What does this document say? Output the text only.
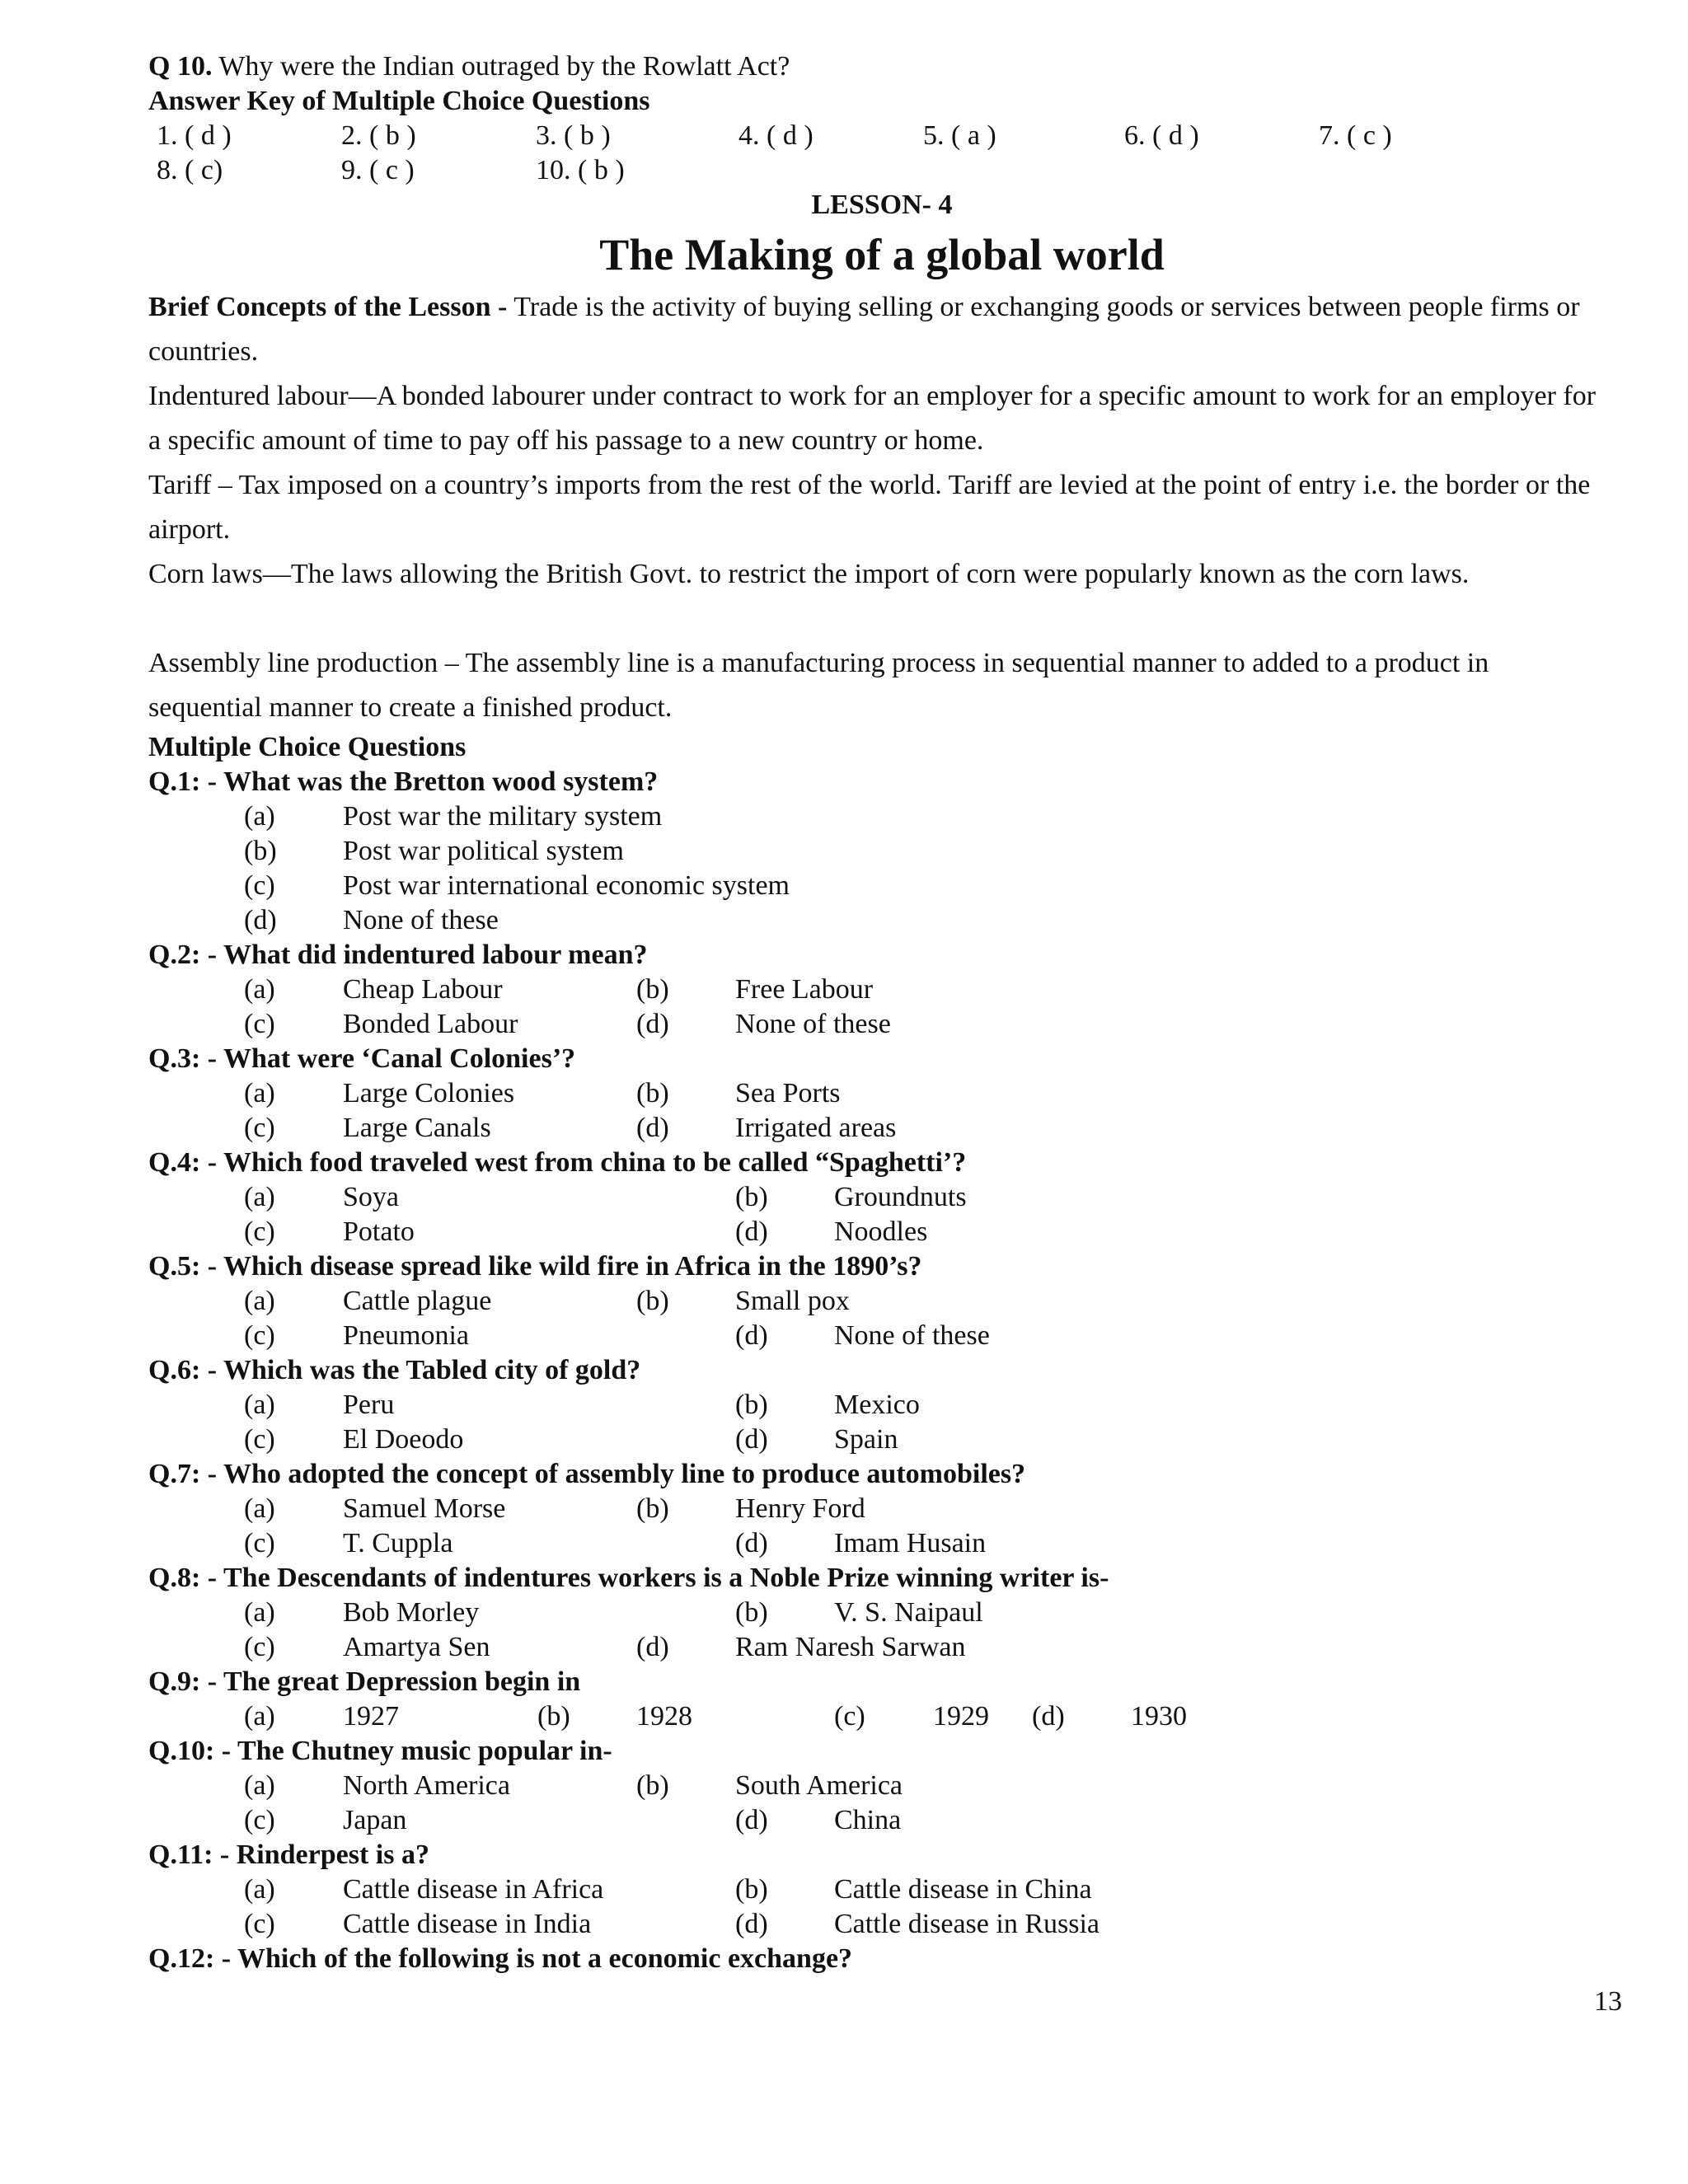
Q 10. Why were the Indian outraged by the Rowlatt Act?
Answer Key of Multiple Choice Questions
1. ( d )	2. ( b )	3. ( b )	4. ( d )	5. ( a )	6. ( d )	7. ( c )
8. ( c)	9. ( c )	10. ( b )
LESSON- 4
The Making of a global world
Brief Concepts of the Lesson - Trade is the activity of buying selling or exchanging goods or services between people firms or countries.
Indentured labour—A bonded labourer under contract to work for an employer for a specific amount to work for an employer for a specific amount of time to pay off his passage to a new country or home.
Tariff – Tax imposed on a country’s imports from the rest of the world. Tariff are levied at the point of entry i.e. the border or the airport.
Corn laws—The laws allowing the British Govt. to restrict the import of corn were popularly known as the corn laws.
Assembly line production – The assembly line is a manufacturing process in sequential manner to added to a product in sequential manner to create a finished product.
Multiple Choice Questions
Q.1: - What was the Bretton wood system?
(a) Post war the military system
(b) Post war political system
(c) Post war international economic system
(d) None of these
Q.2: - What did indentured labour mean?
(a) Cheap Labour	(b) Free Labour
(c) Bonded Labour	(d) None of these
Q.3: - What were ‘Canal Colonies’?
(a) Large Colonies	(b) Sea Ports
(c) Large Canals	(d) Irrigated areas
Q.4: - Which food traveled west from china to be called “Spaghetti’?
(a) Soya	(b) Groundnuts
(c) Potato	(d) Noodles
Q.5: - Which disease spread like wild fire in Africa in the 1890’s?
(a) Cattle plague	(b) Small pox
(c) Pneumonia	(d) None of these
Q.6: - Which was the Tabled city of gold?
(a) Peru	(b) Mexico
(c) El Doeodo	(d) Spain
Q.7: - Who adopted the concept of assembly line to produce automobiles?
(a) Samuel Morse	(b) Henry Ford
(c) T. Cuppla	(d) Imam Husain
Q.8: - The Descendants of indentures workers is a Noble Prize winning writer is-
(a) Bob Morley	(b) V. S. Naipaul
(c) Amartya Sen	(d) Ram Naresh Sarwan
Q.9: - The great Depression begin in
(a) 1927	(b) 1928	(c) 1929 (d) 1930
Q.10: - The Chutney music popular in-
(a) North America	(b) South America
(c) Japan	(d) China
Q.11: - Rinderpest is a?
(a) Cattle disease in Africa	(b) Cattle disease in China
(c) Cattle disease in India	(d) Cattle disease in Russia
Q.12: - Which of the following is not a economic exchange?
13
